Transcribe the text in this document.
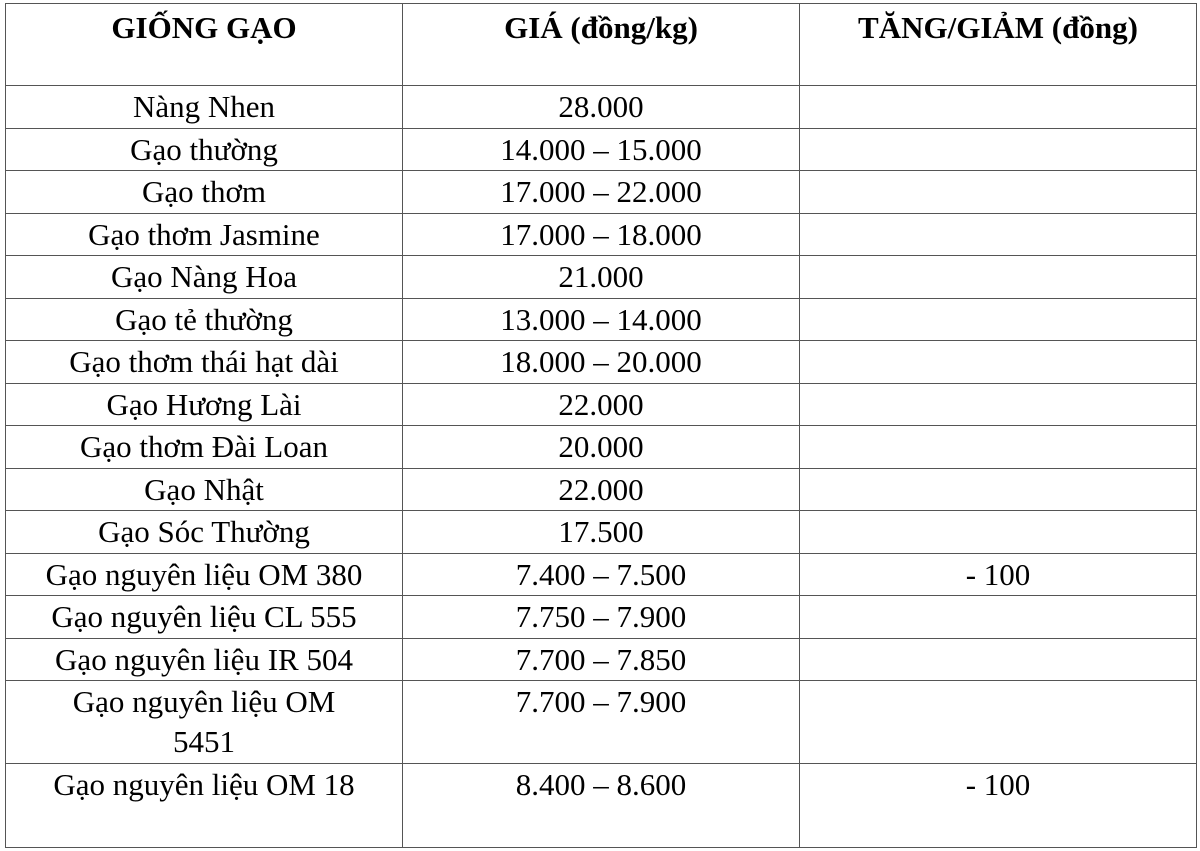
GIỐNG GẠO	GIÁ (đồng/kg)	TĂNG/GIẢM (đồng)
Nàng Nhen	28.000	
Gạo thường	14.000 – 15.000	
Gạo thơm	17.000 – 22.000	
Gạo thơm Jasmine	17.000 – 18.000	
Gạo Nàng Hoa	21.000	
Gạo tẻ thường	13.000 – 14.000	
Gạo thơm thái hạt dài	18.000 – 20.000	
Gạo Hương Lài	22.000	
Gạo thơm Đài Loan	20.000	
Gạo Nhật	22.000	
Gạo Sóc Thường	17.500	
Gạo nguyên liệu OM 380	7.400 – 7.500	- 100
Gạo nguyên liệu CL 555	7.750 – 7.900	
Gạo nguyên liệu IR 504	7.700 – 7.850	
Gạo nguyên liệu OM 5451	7.700 – 7.900	
Gạo nguyên liệu OM 18	8.400 – 8.600	- 100
